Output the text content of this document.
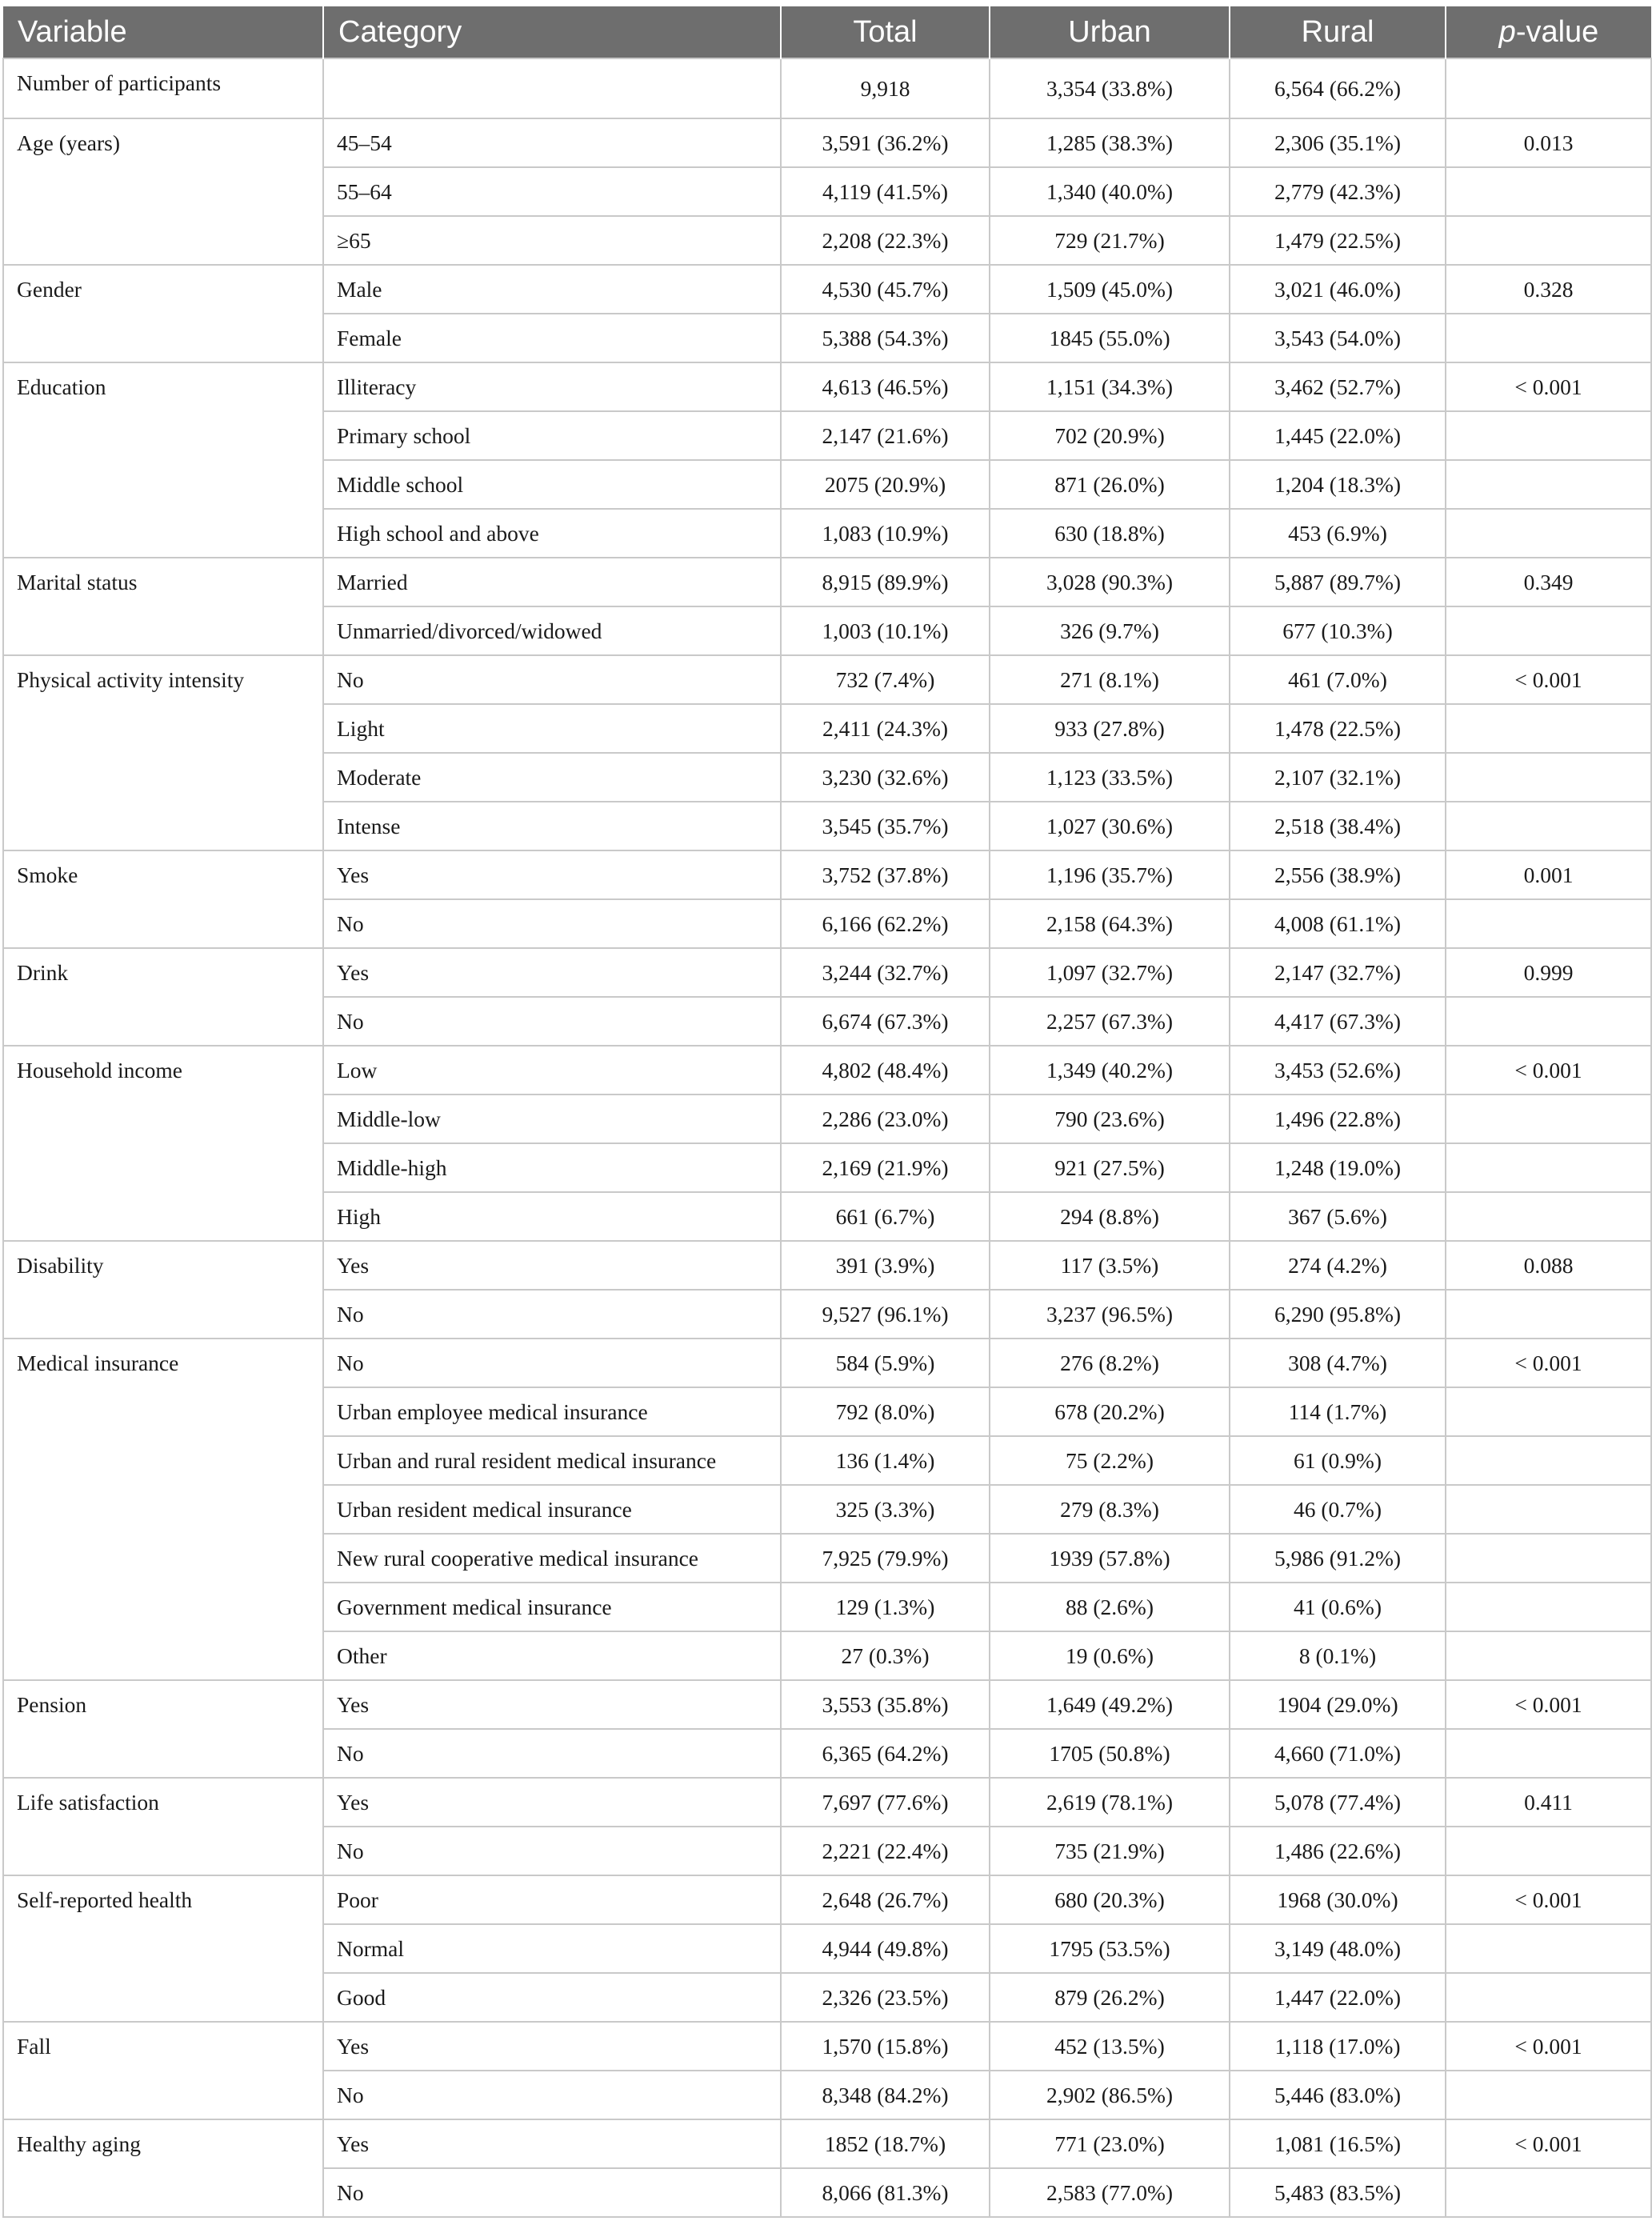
Variable	Category	Total	Urban	Rural	p-value
Number of participants		9,918	3,354 (33.8%)	6,564 (66.2%)	
Age (years)	45–54	3,591 (36.2%)	1,285 (38.3%)	2,306 (35.1%)	0.013
	55–64	4,119 (41.5%)	1,340 (40.0%)	2,779 (42.3%)	
	≥65	2,208 (22.3%)	729 (21.7%)	1,479 (22.5%)	
Gender	Male	4,530 (45.7%)	1,509 (45.0%)	3,021 (46.0%)	0.328
	Female	5,388 (54.3%)	1845 (55.0%)	3,543 (54.0%)	
Education	Illiteracy	4,613 (46.5%)	1,151 (34.3%)	3,462 (52.7%)	< 0.001
	Primary school	2,147 (21.6%)	702 (20.9%)	1,445 (22.0%)	
	Middle school	2075 (20.9%)	871 (26.0%)	1,204 (18.3%)	
	High school and above	1,083 (10.9%)	630 (18.8%)	453 (6.9%)	
Marital status	Married	8,915 (89.9%)	3,028 (90.3%)	5,887 (89.7%)	0.349
	Unmarried/divorced/widowed	1,003 (10.1%)	326 (9.7%)	677 (10.3%)	
Physical activity intensity	No	732 (7.4%)	271 (8.1%)	461 (7.0%)	< 0.001
	Light	2,411 (24.3%)	933 (27.8%)	1,478 (22.5%)	
	Moderate	3,230 (32.6%)	1,123 (33.5%)	2,107 (32.1%)	
	Intense	3,545 (35.7%)	1,027 (30.6%)	2,518 (38.4%)	
Smoke	Yes	3,752 (37.8%)	1,196 (35.7%)	2,556 (38.9%)	0.001
	No	6,166 (62.2%)	2,158 (64.3%)	4,008 (61.1%)	
Drink	Yes	3,244 (32.7%)	1,097 (32.7%)	2,147 (32.7%)	0.999
	No	6,674 (67.3%)	2,257 (67.3%)	4,417 (67.3%)	
Household income	Low	4,802 (48.4%)	1,349 (40.2%)	3,453 (52.6%)	< 0.001
	Middle-low	2,286 (23.0%)	790 (23.6%)	1,496 (22.8%)	
	Middle-high	2,169 (21.9%)	921 (27.5%)	1,248 (19.0%)	
	High	661 (6.7%)	294 (8.8%)	367 (5.6%)	
Disability	Yes	391 (3.9%)	117 (3.5%)	274 (4.2%)	0.088
	No	9,527 (96.1%)	3,237 (96.5%)	6,290 (95.8%)	
Medical insurance	No	584 (5.9%)	276 (8.2%)	308 (4.7%)	< 0.001
	Urban employee medical insurance	792 (8.0%)	678 (20.2%)	114 (1.7%)	
	Urban and rural resident medical insurance	136 (1.4%)	75 (2.2%)	61 (0.9%)	
	Urban resident medical insurance	325 (3.3%)	279 (8.3%)	46 (0.7%)	
	New rural cooperative medical insurance	7,925 (79.9%)	1939 (57.8%)	5,986 (91.2%)	
	Government medical insurance	129 (1.3%)	88 (2.6%)	41 (0.6%)	
	Other	27 (0.3%)	19 (0.6%)	8 (0.1%)	
Pension	Yes	3,553 (35.8%)	1,649 (49.2%)	1904 (29.0%)	< 0.001
	No	6,365 (64.2%)	1705 (50.8%)	4,660 (71.0%)	
Life satisfaction	Yes	7,697 (77.6%)	2,619 (78.1%)	5,078 (77.4%)	0.411
	No	2,221 (22.4%)	735 (21.9%)	1,486 (22.6%)	
Self-reported health	Poor	2,648 (26.7%)	680 (20.3%)	1968 (30.0%)	< 0.001
	Normal	4,944 (49.8%)	1795 (53.5%)	3,149 (48.0%)	
	Good	2,326 (23.5%)	879 (26.2%)	1,447 (22.0%)	
Fall	Yes	1,570 (15.8%)	452 (13.5%)	1,118 (17.0%)	< 0.001
	No	8,348 (84.2%)	2,902 (86.5%)	5,446 (83.0%)	
Healthy aging	Yes	1852 (18.7%)	771 (23.0%)	1,081 (16.5%)	< 0.001
	No	8,066 (81.3%)	2,583 (77.0%)	5,483 (83.5%)	
